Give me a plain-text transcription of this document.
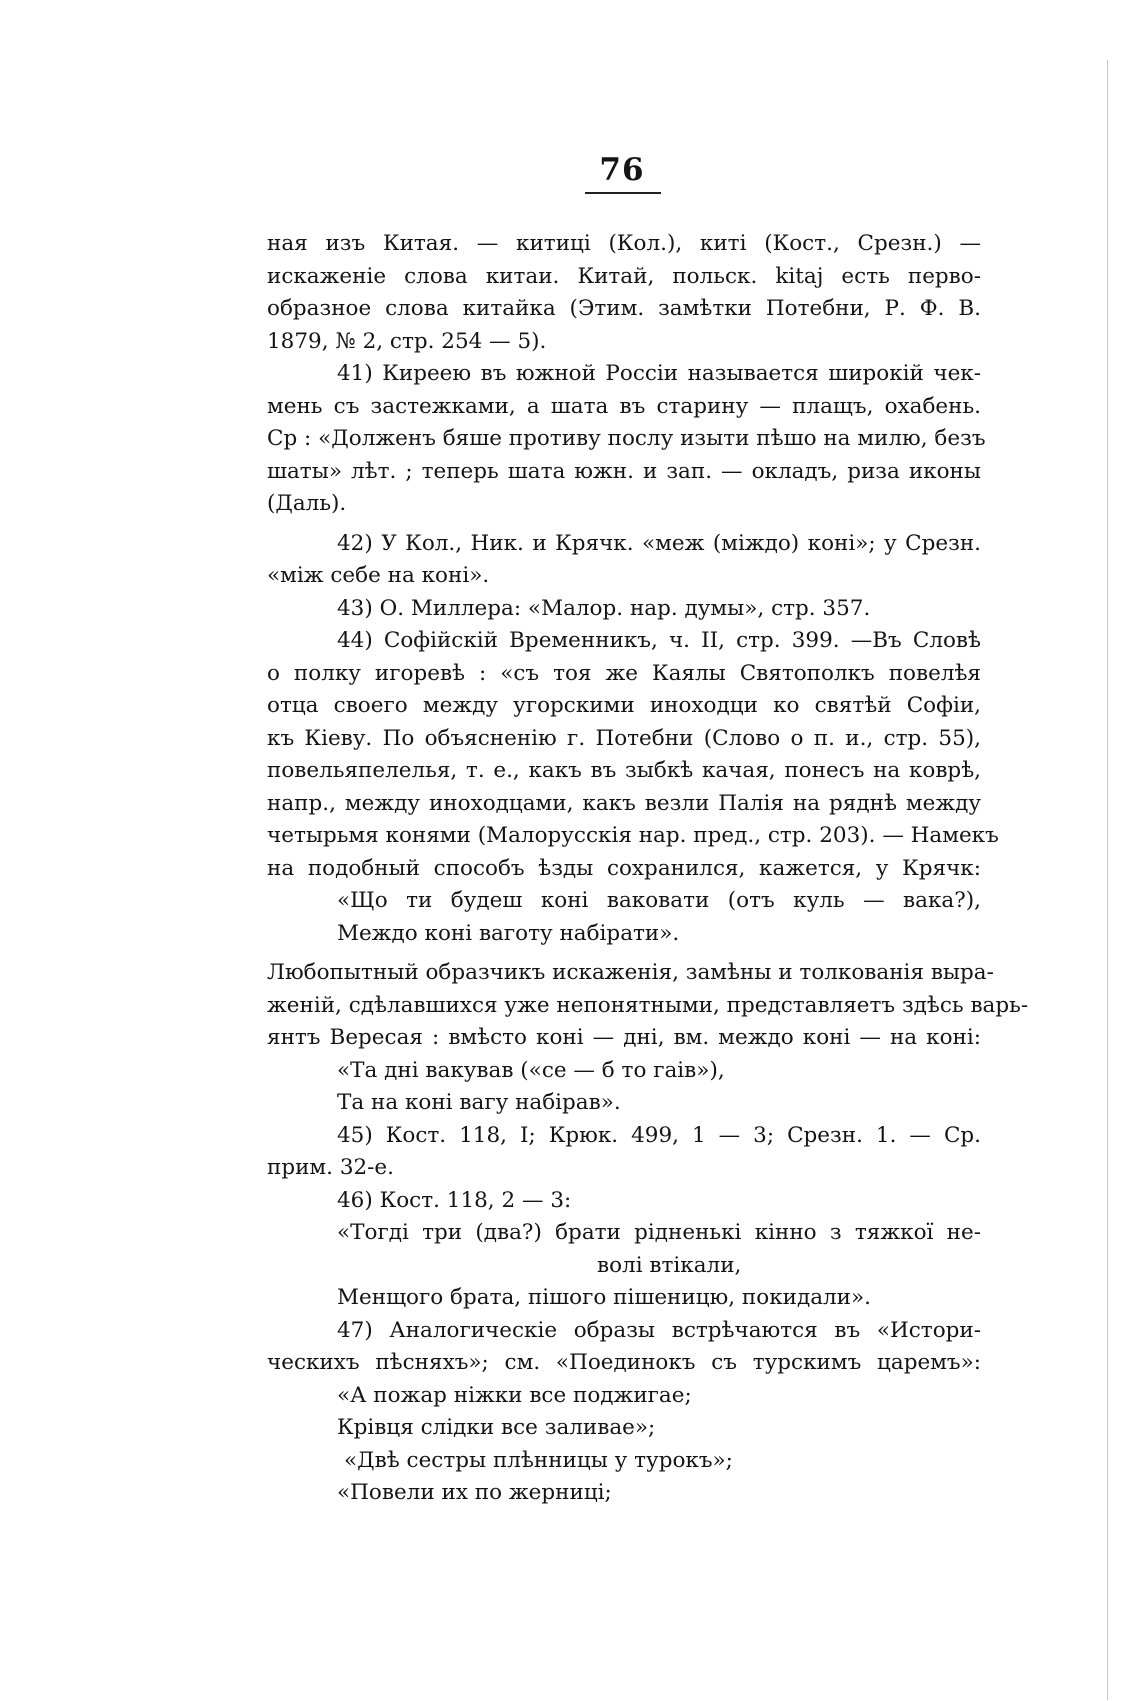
76
ная изъ Китая. — китиці (Кол.), киті (Кост., Срезн.) —
искаженіе слова китаи. Китай, польск. kitaj есть перво-
образное слова китайка (Этим. замѣтки Потебни, Р. Ф. В.
1879, № 2, стр. 254 — 5).
41) Киреею въ южной Россіи называется широкій чек-
мень съ застежками, а шата въ старину — плащъ, охабень.
Ср : «Долженъ бяше противу послу изыти пѣшо на милю, безъ
шаты» лѣт. ; теперь шата южн. и зап. — окладъ, риза иконы
(Даль).
42) У Кол., Ник. и Крячк. «меж (міждо) коні»; у Срезн.
«між себе на коні».
43) О. Миллера: «Малор. нар. думы», стр. 357.
44) Софійскій Временникъ, ч. II, стр. 399. —Въ Словѣ
о полку игоревѣ : «съ тоя же Каялы Святополкъ повелѣя
отца своего между угорскими иноходци ко святѣй Софіи,
къ Кіеву. По объясненію г. Потебни (Слово о п. и., стр. 55),
повельяпелелья, т. е., какъ въ зыбкѣ качая, понесъ на коврѣ,
напр., между иноходцами, какъ везли Палія на ряднѣ между
четырьмя конями (Малорусскія нар. пред., стр. 203). — Намекъ
на подобный способъ ѣзды сохранился, кажется, у Крячк:
«Що ти будеш коні ваковати (отъ куль — вака?),
Междо коні ваготу набірати».
Любопытный образчикъ искаженія, замѣны и толкованія выра-
женій, сдѣлавшихся уже непонятными, представляетъ здѣсь варь-
янтъ Вересая : вмѣсто коні — дні, вм. междо коні — на коні:
«Та дні вакував («се — б то гаів»),
Та на коні вагу набірав».
45) Кост. 118, I; Крюк. 499, 1 — 3; Срезн. 1. — Ср.
прим. 32-е.
46) Кост. 118, 2 — 3:
«Тогді три (два?) брати рідненькі кінно з тяжкої не-
волі втікали,
Менщого брата, пішого пішеницю, покидали».
47) Аналогическіе образы встрѣчаются въ «Истори-
ческихъ пѣсняхъ»; см. «Поединокъ съ турскимъ царемъ»:
«А пожар ніжки все поджигае;
Крівця слідки все заливае»;
«Двѣ сестры плѣнницы у турокъ»;
«Повели их по жерниці;
